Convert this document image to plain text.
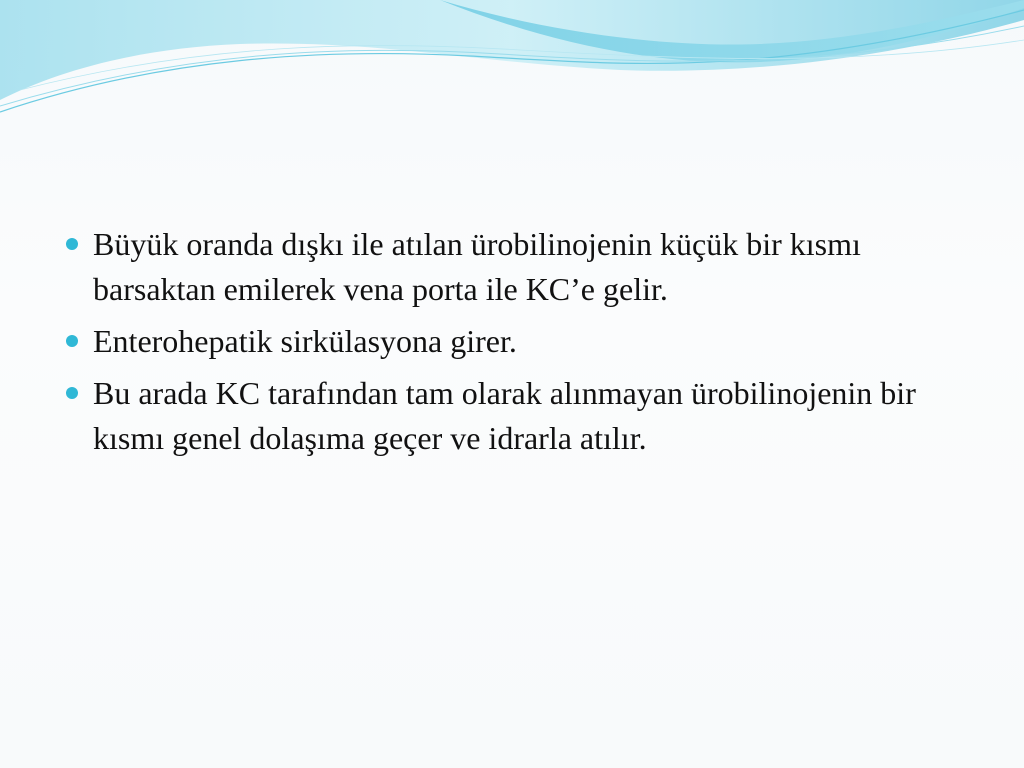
Büyük oranda dışkı ile atılan ürobilinojenin küçük bir kısmı barsaktan emilerek vena porta ile KC’e gelir.
Enterohepatik sirkülasyona girer.
Bu arada KC tarafından tam olarak alınmayan ürobilinojenin bir kısmı genel dolaşıma geçer ve idrarla atılır.
